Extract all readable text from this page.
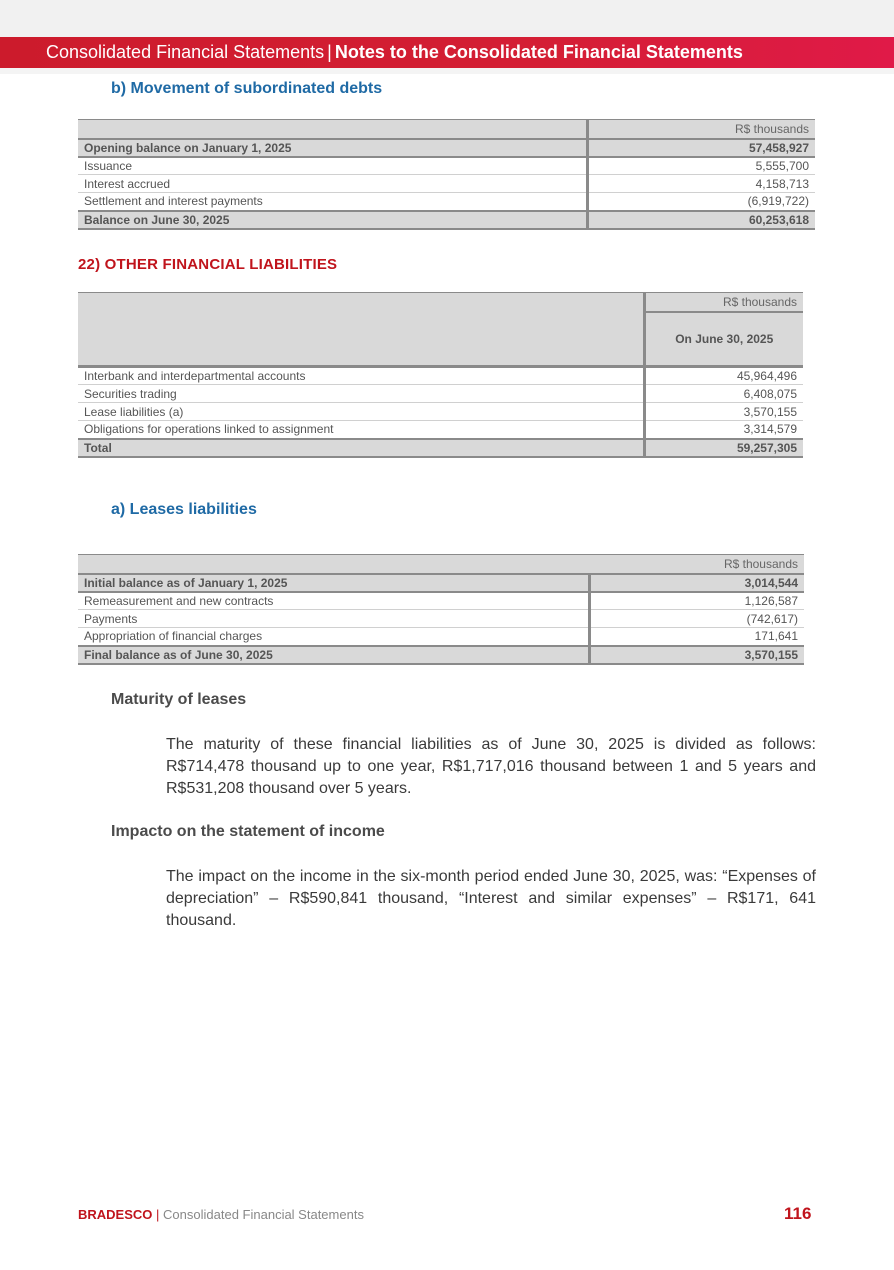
Consolidated Financial Statements | Notes to the Consolidated Financial Statements
b) Movement of subordinated debts
	R$ thousands
Opening balance on January 1, 2025	57,458,927
Issuance	5,555,700
Interest accrued	4,158,713
Settlement and interest payments	(6,919,722)
Balance on June 30, 2025	60,253,618
22) OTHER FINANCIAL LIABILITIES
	R$ thousands
	On June 30, 2025
Interbank and interdepartmental accounts	45,964,496
Securities trading	6,408,075
Lease liabilities (a)	3,570,155
Obligations for operations linked to assignment	3,314,579
Total	59,257,305
a) Leases liabilities
	R$ thousands
Initial balance as of January 1, 2025	3,014,544
Remeasurement and new contracts	1,126,587
Payments	(742,617)
Appropriation of financial charges	171,641
Final balance as of June 30, 2025	3,570,155
Maturity of leases

The maturity of these financial liabilities as of June 30, 2025 is divided as follows: R$714,478 thousand up to one year, R$1,717,016 thousand between 1 and 5 years and R$531,208 thousand over 5 years.

Impacto on the statement of income

The impact on the income in the six-month period ended June 30, 2025, was: “Expenses of depreciation” – R$590,841 thousand, “Interest and similar expenses” – R$171, 641 thousand.

BRADESCO | Consolidated Financial Statements	116
